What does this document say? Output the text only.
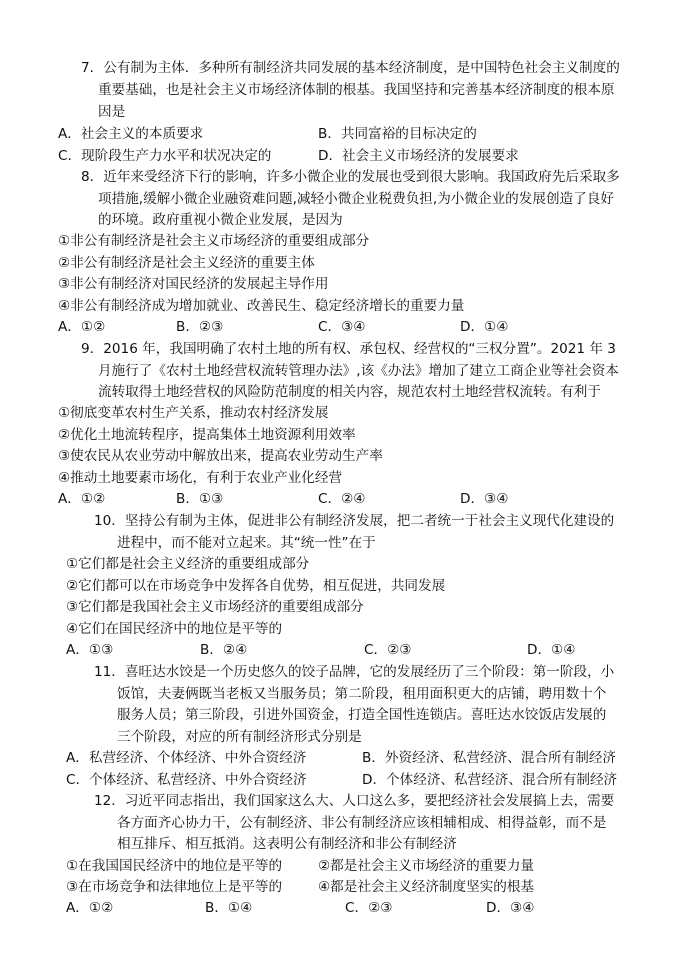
7．公有制为主体．多种所有制经济共同发展的基本经济制度，是中国特色社会主义制度的
重要基础，也是社会主义市场经济体制的根基。我国坚持和完善基本经济制度的根本原
因是
A．社会主义的本质要求	B．共同富裕的目标决定的
C．现阶段生产力水平和状况决定的	D．社会主义市场经济的发展要求
8．近年来受经济下行的影响，许多小微企业的发展也受到很大影响。我国政府先后采取多
项措施,缓解小微企业融资难问题,减轻小微企业税费负担,为小微企业的发展创造了良好
的环境。政府重视小微企业发展，是因为
①非公有制经济是社会主义市场经济的重要组成部分
②非公有制经济是社会主义经济的重要主体
③非公有制经济对国民经济的发展起主导作用
④非公有制经济成为增加就业、改善民生、稳定经济增长的重要力量
A．①②	B．②③	C．③④	D．①④
9．2016 年，我国明确了农村土地的所有权、承包权、经营权的“三权分置”。2021 年 3
月施行了《农村土地经营权流转管理办法》,该《办法》增加了建立工商企业等社会资本
流转取得土地经营权的风险防范制度的相关内容，规范农村土地经营权流转。有利于
①彻底变革农村生产关系，推动农村经济发展
②优化土地流转程序，提高集体土地资源利用效率
③使农民从农业劳动中解放出来，提高农业劳动生产率
④推动土地要素市场化，有利于农业产业化经营
A．①②	B．①③	C．②④	D．③④
10．坚持公有制为主体，促进非公有制经济发展，把二者统一于社会主义现代化建设的
进程中，而不能对立起来。其“统一性”在于
①它们都是社会主义经济的重要组成部分
②它们都可以在市场竞争中发挥各自优势，相互促进，共同发展
③它们都是我国社会主义市场经济的重要组成部分
④它们在国民经济中的地位是平等的
A．①③	B．②④	C．②③	D．①④
11．喜旺达水饺是一个历史悠久的饺子品牌，它的发展经历了三个阶段：第一阶段，小
饭馆，夫妻俩既当老板又当服务员；第二阶段，租用面积更大的店铺，聘用数十个
服务人员；第三阶段，引进外国资金，打造全国性连锁店。喜旺达水饺饭店发展的
三个阶段，对应的所有制经济形式分别是
A．私营经济、个体经济、中外合资经济	B．外资经济、私营经济、混合所有制经济
C．个体经济、私营经济、中外合资经济	D．个体经济、私营经济、混合所有制经济
12．习近平同志指出，我们国家这么大、人口这么多，要把经济社会发展搞上去，需要
各方面齐心协力干，公有制经济、非公有制经济应该相辅相成、相得益彰，而不是
相互排斥、相互抵消。这表明公有制经济和非公有制经济
①在我国国民经济中的地位是平等的	②都是社会主义市场经济的重要力量
③在市场竞争和法律地位上是平等的	④都是社会主义经济制度坚实的根基
A．①②	B．①④	C．②③	D．③④
